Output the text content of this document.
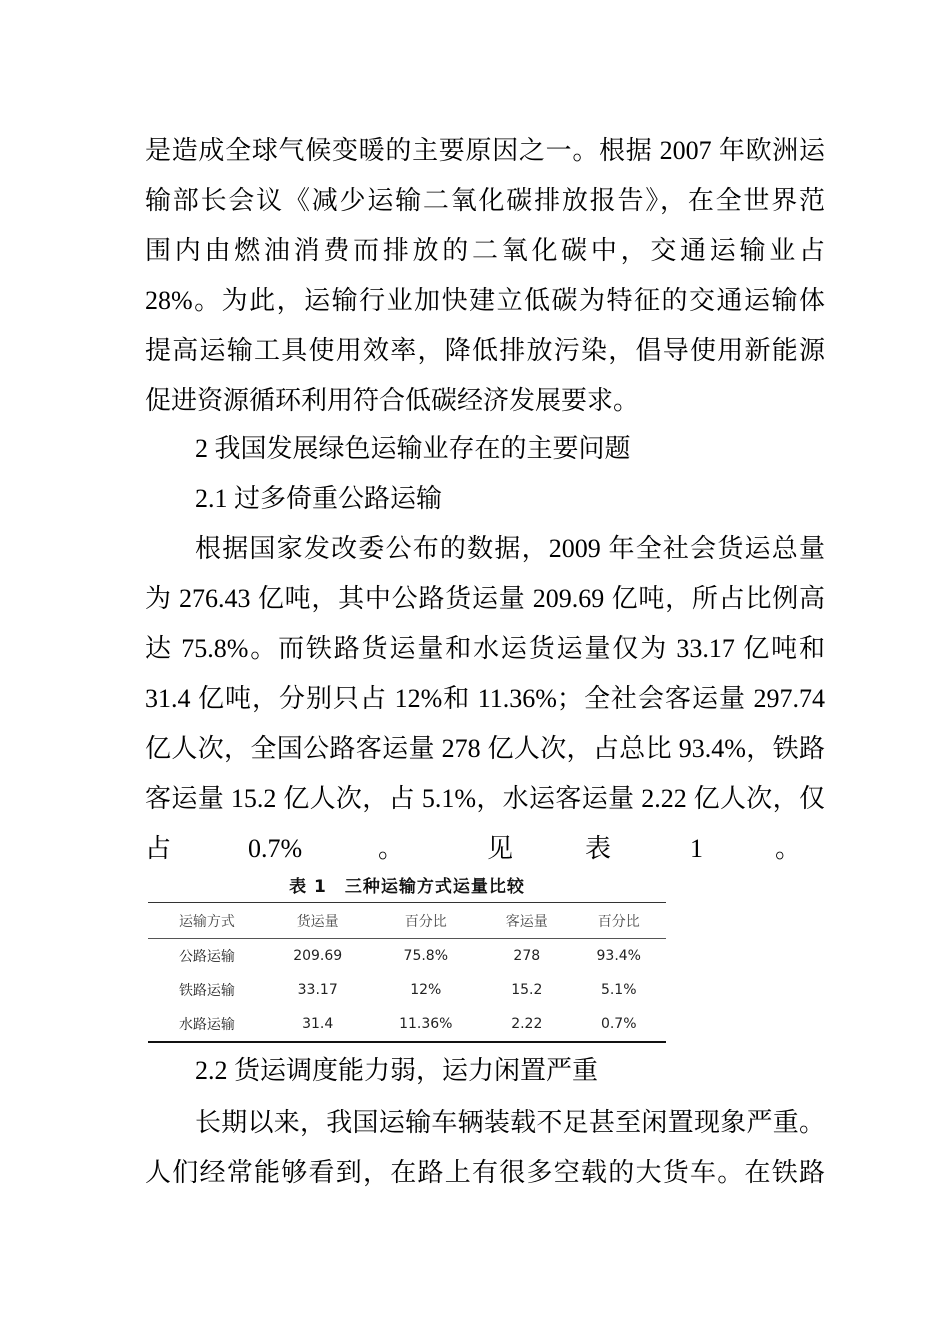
是造成全球气候变暖的主要原因之一。根据 2007 年欧洲运
输部长会议《减少运输二氧化碳排放报告》，在全世界范
围内由燃油消费而排放的二氧化碳中，交通运输业占
28%。为此，运输行业加快建立低碳为特征的交通运输体
提高运输工具使用效率，降低排放污染，倡导使用新能源
促进资源循环利用符合低碳经济发展要求。
2 我国发展绿色运输业存在的主要问题
2.1 过多倚重公路运输
根据国家发改委公布的数据，2009 年全社会货运总量
为 276.43 亿吨，其中公路货运量 209.69 亿吨，所占比例高
达 75.8%。而铁路货运量和水运货运量仅为 33.17 亿吨和
31.4 亿吨，分别只占 12%和 11.36%；全社会客运量 297.74
亿人次，全国公路客运量 278 亿人次，占总比 93.4%，铁路
客运量 15.2 亿人次，占 5.1%，水运客运量 2.22 亿人次，仅
占	0.7%	。	见	表	1	。
表 1　三种运输方式运量比较
运输方式	货运量	百分比	客运量	百分比
公路运输	209.69	75.8%	278	93.4%
铁路运输	33.17	12%	15.2	5.1%
水路运输	31.4	11.36%	2.22	0.7%
2.2 货运调度能力弱，运力闲置严重
长期以来，我国运输车辆装载不足甚至闲置现象严重。
人们经常能够看到，在路上有很多空载的大货车。在铁路
